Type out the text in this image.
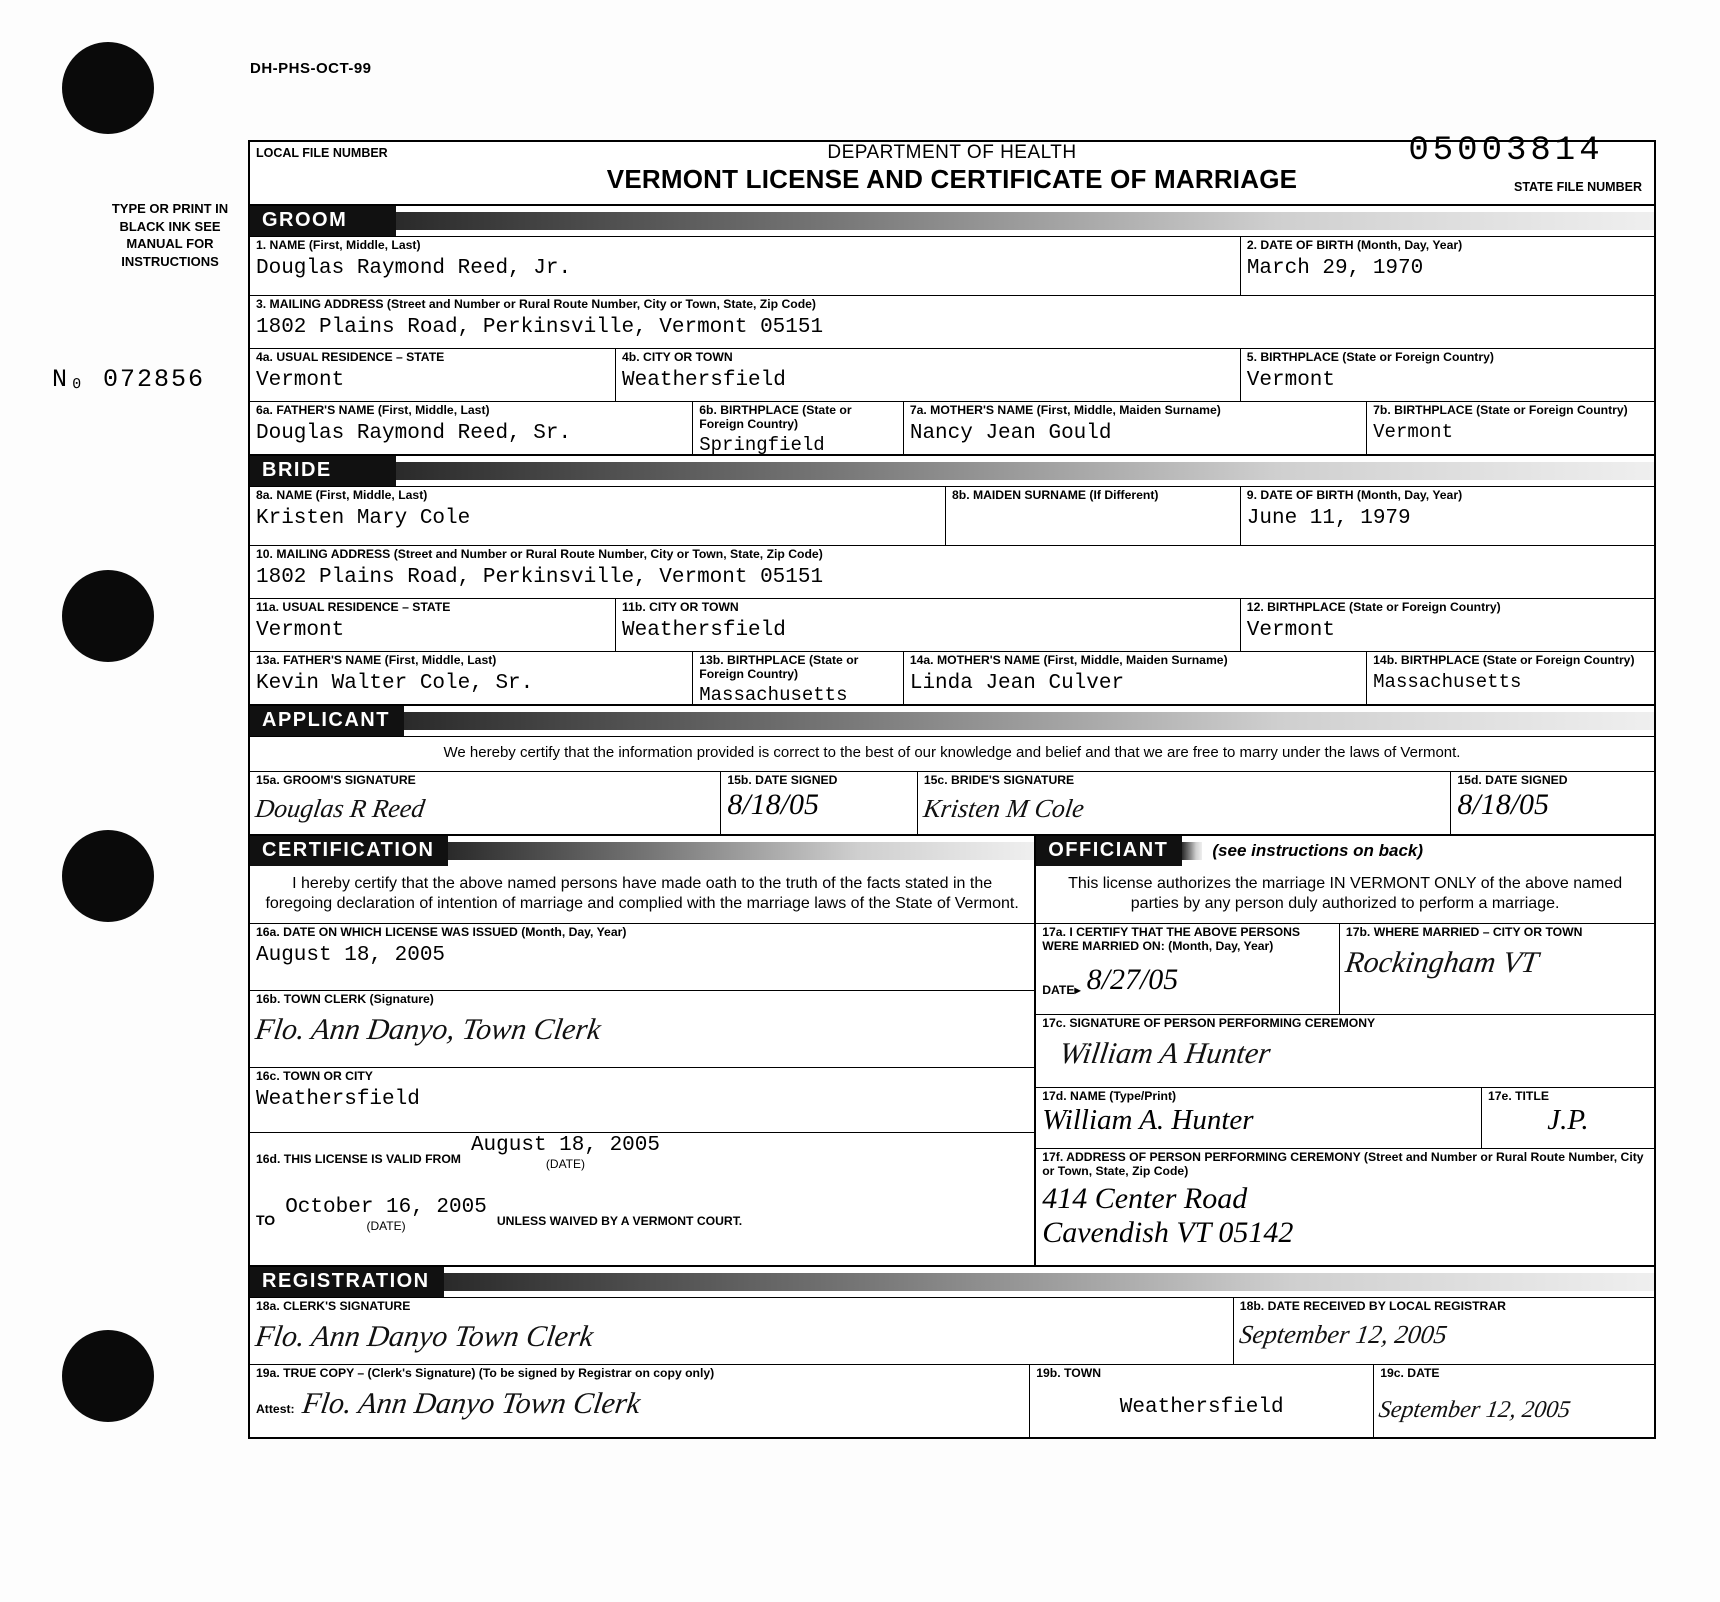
DH-PHS-OCT-99
TYPE OR PRINT IN BLACK INK SEE MANUAL FOR INSTRUCTIONS
N₀ 072856
LOCAL FILE NUMBER	DEPARTMENT OF HEALTH
VERMONT LICENSE AND CERTIFICATE OF MARRIAGE
05003814
STATE FILE NUMBER
GROOM

1. NAME (First, Middle, Last)
Douglas Raymond Reed, Jr.
2. DATE OF BIRTH (Month, Day, Year)
March 29, 1970
3. MAILING ADDRESS (Street and Number or Rural Route Number, City or Town, State, Zip Code)
1802 Plains Road, Perkinsville, Vermont 05151
4a. USUAL RESIDENCE – STATE
Vermont
4b. CITY OR TOWN
Weathersfield
5. BIRTHPLACE (State or Foreign Country)
Vermont
6a. FATHER'S NAME (First, Middle, Last)
Douglas Raymond Reed, Sr.
6b. BIRTHPLACE (State or Foreign Country)
Springfield
7a. MOTHER'S NAME (First, Middle, Maiden Surname)
Nancy Jean Gould
7b. BIRTHPLACE (State or Foreign Country)
Vermont
BRIDE

8a. NAME (First, Middle, Last)
Kristen Mary Cole
8b. MAIDEN SURNAME (If Different)	9. DATE OF BIRTH (Month, Day, Year)
June 11, 1979
10. MAILING ADDRESS (Street and Number or Rural Route Number, City or Town, State, Zip Code)
1802 Plains Road, Perkinsville, Vermont 05151
11a. USUAL RESIDENCE – STATE
Vermont
11b. CITY OR TOWN
Weathersfield
12. BIRTHPLACE (State or Foreign Country)
Vermont
13a. FATHER'S NAME (First, Middle, Last)
Kevin Walter Cole, Sr.
13b. BIRTHPLACE (State or Foreign Country)
Massachusetts
14a. MOTHER'S NAME (First, Middle, Maiden Surname)
Linda Jean Culver
14b. BIRTHPLACE (State or Foreign Country)
Massachusetts
APPLICANT

We hereby certify that the information provided is correct to the best of our knowledge and belief and that we are free to marry under the laws of Vermont.
15a. GROOM'S SIGNATURE
Douglas R Reed
15b. DATE SIGNED
8/18/05
15c. BRIDE'S SIGNATURE
Kristen M Cole
15d. DATE SIGNED
8/18/05
CERTIFICATION

I hereby certify that the above named persons have made oath to the truth of the facts stated in the foregoing declaration of intention of marriage and complied with the marriage laws of the State of Vermont.
16a. DATE ON WHICH LICENSE WAS ISSUED (Month, Day, Year)
August 18, 2005
16b. TOWN CLERK (Signature)
Flo. Ann Danyo, Town Clerk
16c. TOWN OR CITY
Weathersfield
16d. THIS LICENSE IS VALID FROM
August 18, 2005
(DATE)
TO
October 16, 2005
(DATE)	UNLESS WAIVED BY A VERMONT COURT.
OFFICIANT
	(see instructions on back)
This license authorizes the marriage IN VERMONT ONLY of the above named parties by any person duly authorized to perform a marriage.
17a. I CERTIFY THAT THE ABOVE PERSONS WERE MARRIED ON: (Month, Day, Year)
DATE▸ 8/27/05
17b. WHERE MARRIED – CITY OR TOWN
Rockingham VT
17c. SIGNATURE OF PERSON PERFORMING CEREMONY
William A Hunter
17d. NAME (Type/Print)
William A. Hunter
17e. TITLE
J.P.
17f. ADDRESS OF PERSON PERFORMING CEREMONY (Street and Number or Rural Route Number, City or Town, State, Zip Code)
414 Center Road
Cavendish VT 05142
REGISTRATION

18a. CLERK'S SIGNATURE
Flo. Ann Danyo Town Clerk
18b. DATE RECEIVED BY LOCAL REGISTRAR
September 12, 2005
19a. TRUE COPY – (Clerk's Signature) (To be signed by Registrar on copy only)
Attest: Flo. Ann Danyo Town Clerk
19b. TOWN
Weathersfield
19c. DATE
September 12, 2005
